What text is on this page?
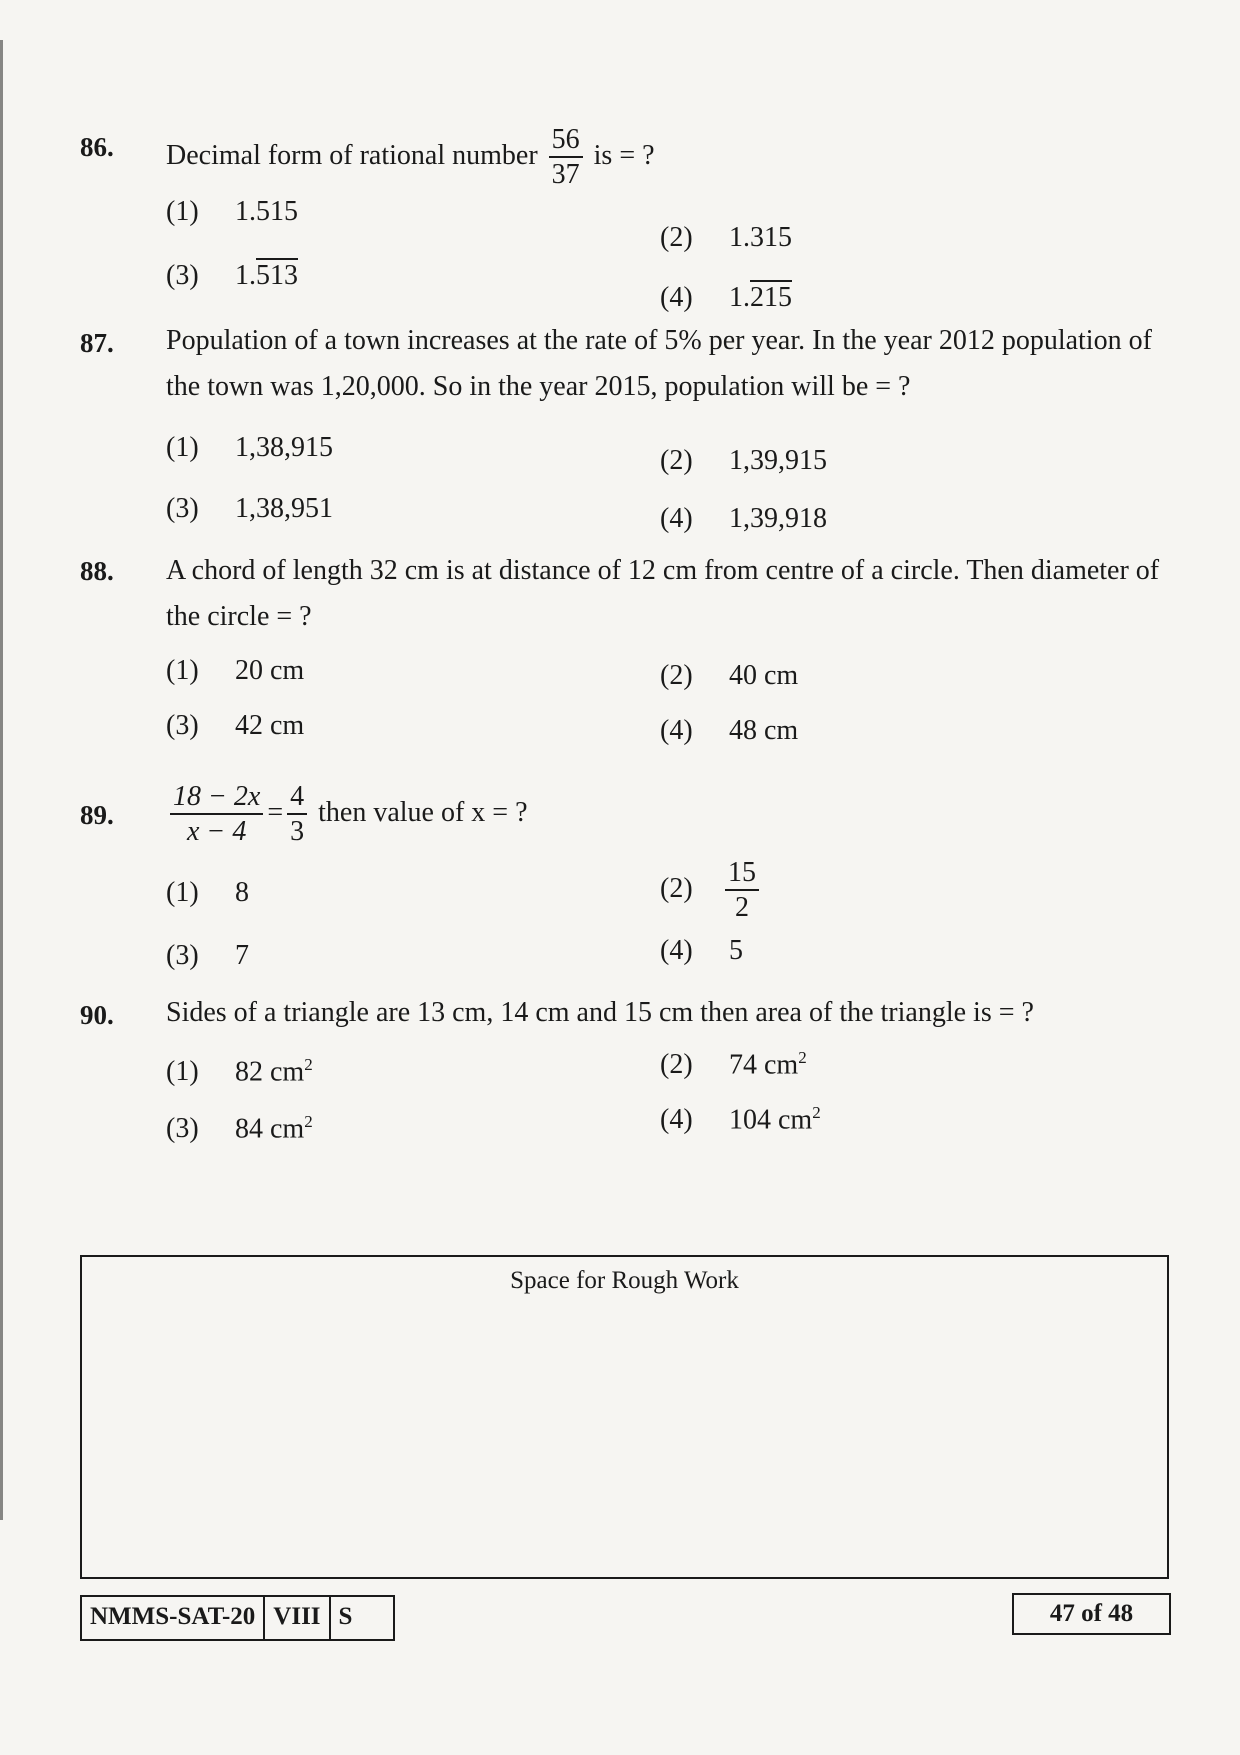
86. Decimal form of rational number $\frac{56}{37}$ is = ?
(1) 1.515
(2) 1.315
(3) 1.513
(4) 1.215
87. Population of a town increases at the rate of 5% per year. In the year 2012 population of the town was 1,20,000. So in the year 2015, population will be = ?
(1) 1,38,915	(2) 1,39,915
(3) 1,38,951	(4) 1,39,918
88. A chord of length 32 cm is at distance of 12 cm from centre of a circle. Then diameter of the circle = ?
(1) 20 cm	(2) 40 cm
(3) 42 cm	(4) 48 cm
89. $\frac{18 - 2x}{x - 4} = \frac{4}{3}$ then value of x = ?
(1) 8	$(2) \frac{15}{2}$
(3) 7	(4) 5
90. Sides of a triangle are 13 cm, 14 cm and 15 cm then area of the triangle is = ?
(1) 82 $cm^2$	(2) 74 $cm^2$
(3) 84 $cm^2$	(4) 104 $cm^2$
Space for Rough Work
NMMS-SAT-20 VIII S	47 of 48
